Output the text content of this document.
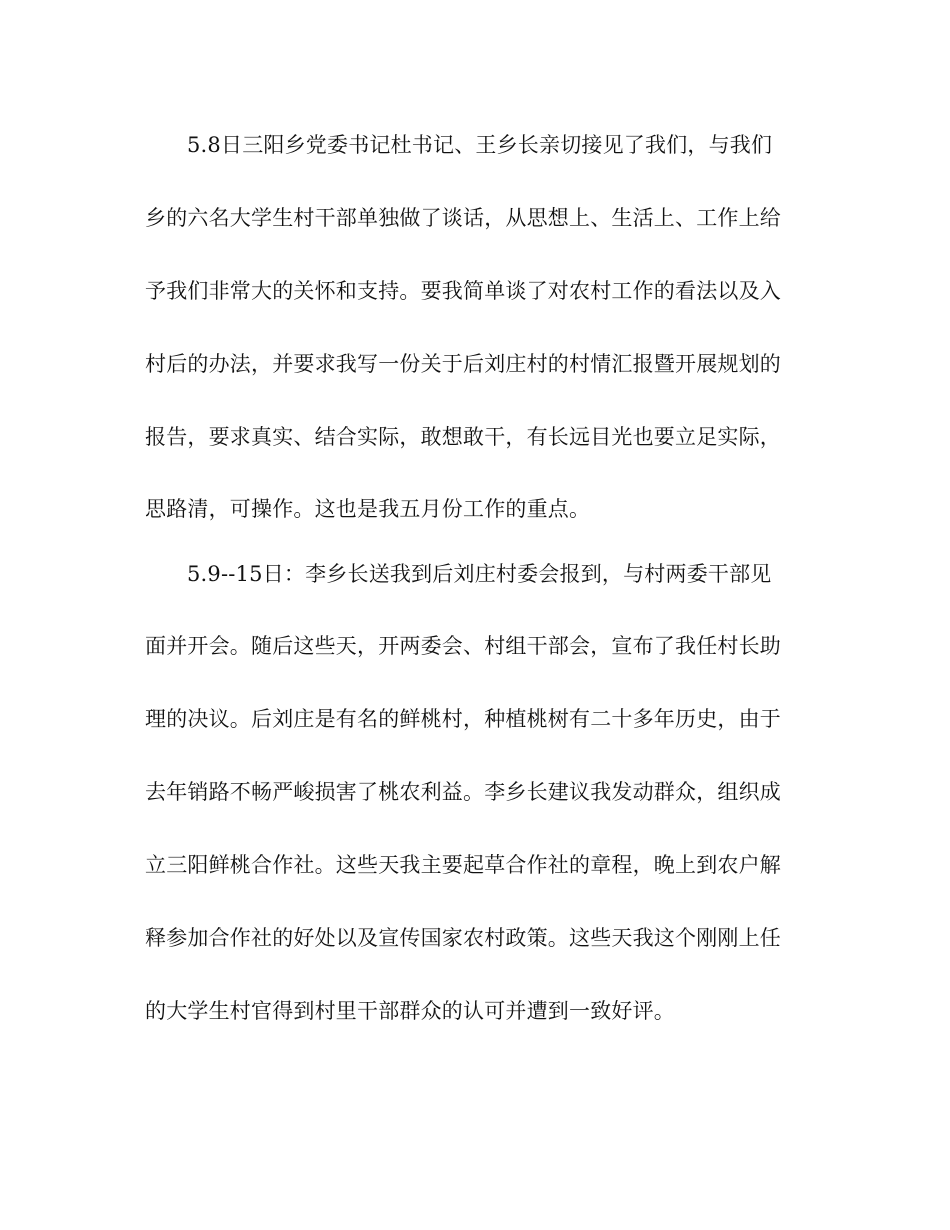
5.8日三阳乡党委书记杜书记、王乡长亲切接见了我们，与我们
乡的六名大学生村干部单独做了谈话，从思想上、生活上、工作上给
予我们非常大的关怀和支持。要我简单谈了对农村工作的看法以及入
村后的办法，并要求我写一份关于后刘庄村的村情汇报暨开展规划的
报告，要求真实、结合实际，敢想敢干，有长远目光也要立足实际，
思路清，可操作。这也是我五月份工作的重点。
5.9--15日：李乡长送我到后刘庄村委会报到，与村两委干部见
面并开会。随后这些天，开两委会、村组干部会，宣布了我任村长助
理的决议。后刘庄是有名的鲜桃村，种植桃树有二十多年历史，由于
去年销路不畅严峻损害了桃农利益。李乡长建议我发动群众，组织成
立三阳鲜桃合作社。这些天我主要起草合作社的章程，晚上到农户解
释参加合作社的好处以及宣传国家农村政策。这些天我这个刚刚上任
的大学生村官得到村里干部群众的认可并遭到一致好评。
